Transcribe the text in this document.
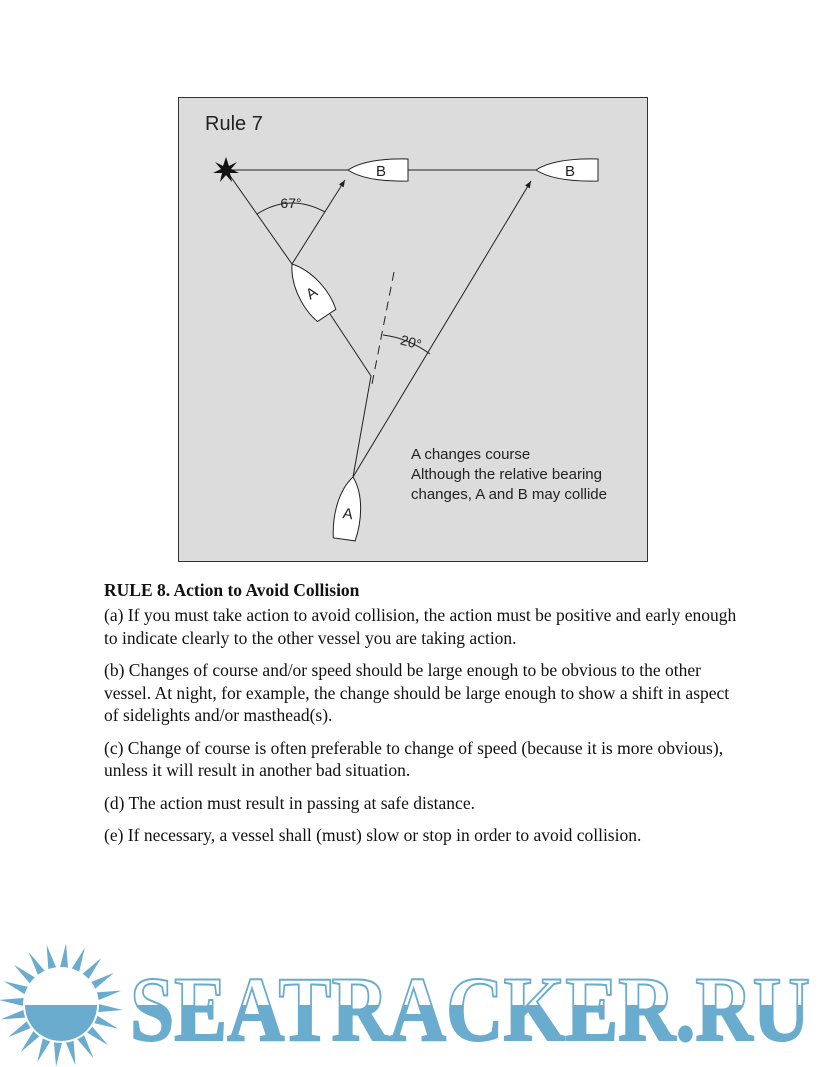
Rule 7
B	B
A
A
67°
20°
A changes course
Although the relative bearing
changes, A and B may collide
RULE 8. Action to Avoid Collision

(a) If you must take action to avoid collision, the action must be positive and early enough to indicate clearly to the other vessel you are taking action.

(b) Changes of course and/or speed should be large enough to be obvious to the other vessel. At night, for example, the change should be large enough to show a shift in aspect of sidelights and/or masthead(s).

(c) Change of course is often preferable to change of speed (because it is more obvious), unless it will result in another bad situation.

(d) The action must result in passing at safe distance.

(e) If necessary, a vessel shall (must) slow or stop in order to avoid collision.

SEATRACKER.RU
